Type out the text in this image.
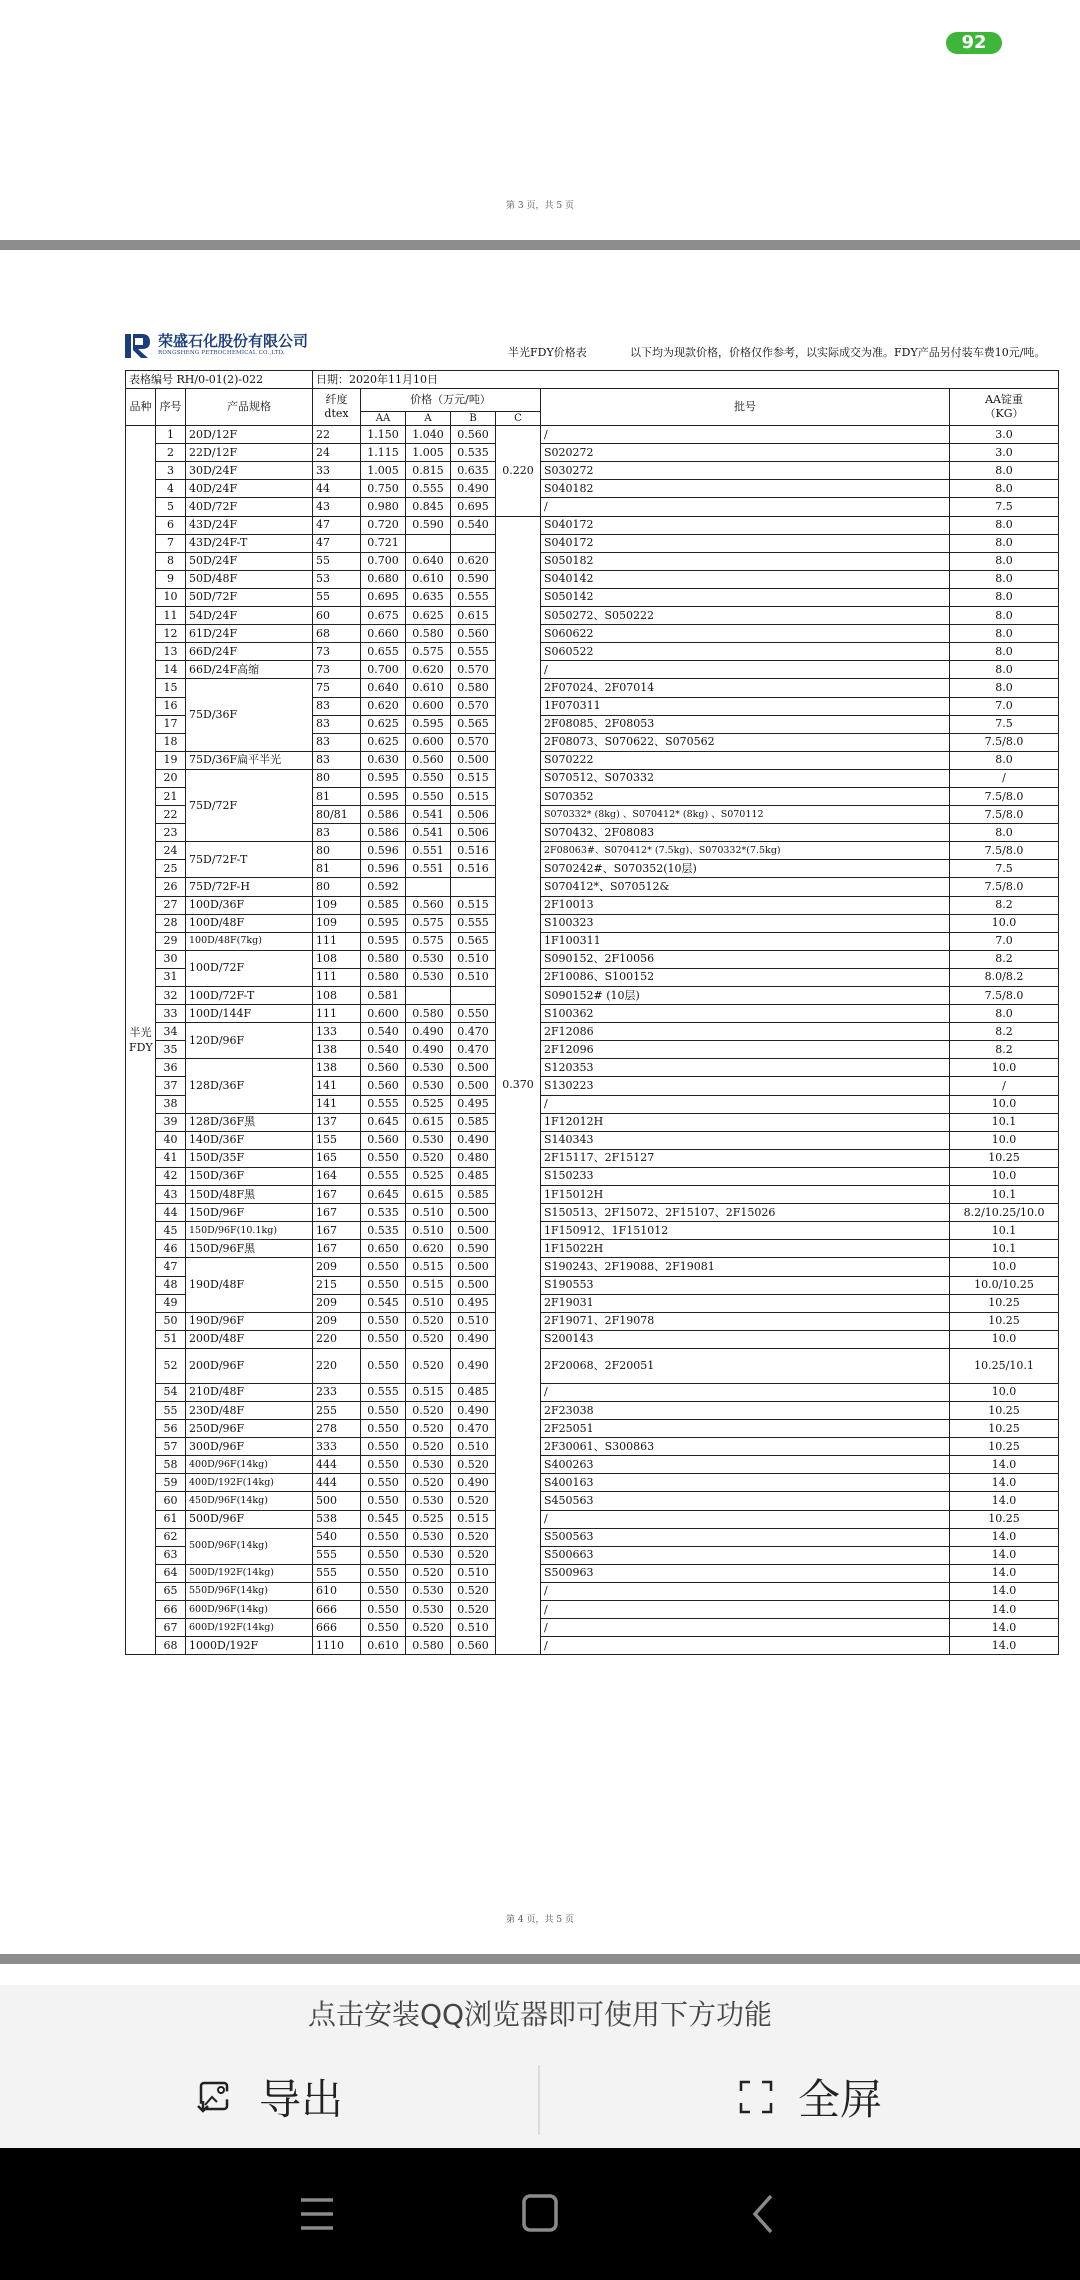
92
第 3 页，共 5 页
荣盛石化股份有限公司
RONGSHENG PETROCHEMICAL CO.,LTD.	半光FDY价格表	以下均为现款价格，价格仅作参考，以实际成交为准。FDY产品另付装车费10元/吨。
表格编号 RH/0-01(2)-022			日期：2020年11月10日						
品种	序号	产品规格	纤度
dtex	价格（万元/吨）				批号	AA锭重
（KG）
				AA	A	B	C		
半光
FDY	1	20D/12F	22	1.150	1.040	0.560	0.220	/	3.0
	2	22D/12F	24	1.115	1.005	0.535		S020272	3.0
	3	30D/24F	33	1.005	0.815	0.635		S030272	8.0
	4	40D/24F	44	0.750	0.555	0.490		S040182	8.0
	5	40D/72F	43	0.980	0.845	0.695		/	7.5
	6	43D/24F	47	0.720	0.590	0.540	0.370	S040172	8.0
	7	43D/24F-T	47	0.721				S040172	8.0
	8	50D/24F	55	0.700	0.640	0.620		S050182	8.0
	9	50D/48F	53	0.680	0.610	0.590		S040142	8.0
	10	50D/72F	55	0.695	0.635	0.555		S050142	8.0
	11	54D/24F	60	0.675	0.625	0.615		S050272、S050222	8.0
	12	61D/24F	68	0.660	0.580	0.560		S060622	8.0
	13	66D/24F	73	0.655	0.575	0.555		S060522	8.0
	14	66D/24F高缩	73	0.700	0.620	0.570		/	8.0
	15	75D/36F	75	0.640	0.610	0.580		2F07024、2F07014	8.0
	16		83	0.620	0.600	0.570		1F070311	7.0
	17		83	0.625	0.595	0.565		2F08085、2F08053	7.5
	18		83	0.625	0.600	0.570		2F08073、S070622、S070562	7.5/8.0
	19	75D/36F扁平半光	83	0.630	0.560	0.500		S070222	8.0
	20	75D/72F	80	0.595	0.550	0.515		S070512、S070332	/
	21		81	0.595	0.550	0.515		S070352	7.5/8.0
	22		80/81	0.586	0.541	0.506		S070332* (8kg) 、S070412* (8kg) 、S070112	7.5/8.0
	23		83	0.586	0.541	0.506		S070432、2F08083	8.0
	24	75D/72F-T	80	0.596	0.551	0.516		2F08063#、S070412* (7.5kg)、S070332*(7.5kg)	7.5/8.0
	25		81	0.596	0.551	0.516		S070242#、S070352(10层)	7.5
	26	75D/72F-H	80	0.592				S070412*、S070512&	7.5/8.0
	27	100D/36F	109	0.585	0.560	0.515		2F10013	8.2
	28	100D/48F	109	0.595	0.575	0.555		S100323	10.0
	29	100D/48F(7kg)	111	0.595	0.575	0.565		1F100311	7.0
	30	100D/72F	108	0.580	0.530	0.510		S090152、2F10056	8.2
	31		111	0.580	0.530	0.510		2F10086、S100152	8.0/8.2
	32	100D/72F-T	108	0.581				S090152# (10层)	7.5/8.0
	33	100D/144F	111	0.600	0.580	0.550		S100362	8.0
	34	120D/96F	133	0.540	0.490	0.470		2F12086	8.2
	35		138	0.540	0.490	0.470		2F12096	8.2
	36	128D/36F	138	0.560	0.530	0.500		S120353	10.0
	37		141	0.560	0.530	0.500		S130223	/
	38		141	0.555	0.525	0.495		/	10.0
	39	128D/36F黑	137	0.645	0.615	0.585		1F12012H	10.1
	40	140D/36F	155	0.560	0.530	0.490		S140343	10.0
	41	150D/35F	165	0.550	0.520	0.480		2F15117、2F15127	10.25
	42	150D/36F	164	0.555	0.525	0.485		S150233	10.0
	43	150D/48F黑	167	0.645	0.615	0.585		1F15012H	10.1
	44	150D/96F	167	0.535	0.510	0.500		S150513、2F15072、2F15107、2F15026	8.2/10.25/10.0
	45	150D/96F(10.1kg)	167	0.535	0.510	0.500		1F150912、1F151012	10.1
	46	150D/96F黑	167	0.650	0.620	0.590		1F15022H	10.1
	47	190D/48F	209	0.550	0.515	0.500		S190243、2F19088、2F19081	10.0
	48		215	0.550	0.515	0.500		S190553	10.0/10.25
	49		209	0.545	0.510	0.495		2F19031	10.25
	50	190D/96F	209	0.550	0.520	0.510		2F19071、2F19078	10.25
	51	200D/48F	220	0.550	0.520	0.490		S200143	10.0
	52	200D/96F	220	0.550	0.520	0.490		2F20068、2F20051	10.25/10.1
	54	210D/48F	233	0.555	0.515	0.485		/	10.0
	55	230D/48F	255	0.550	0.520	0.490		2F23038	10.25
	56	250D/96F	278	0.550	0.520	0.470		2F25051	10.25
	57	300D/96F	333	0.550	0.520	0.510		2F30061、S300863	10.25
	58	400D/96F(14kg)	444	0.550	0.530	0.520		S400263	14.0
	59	400D/192F(14kg)	444	0.550	0.520	0.490		S400163	14.0
	60	450D/96F(14kg)	500	0.550	0.530	0.520		S450563	14.0
	61	500D/96F	538	0.545	0.525	0.515		/	10.25
	62	500D/96F(14kg)	540	0.550	0.530	0.520		S500563	14.0
	63		555	0.550	0.530	0.520		S500663	14.0
	64	500D/192F(14kg)	555	0.550	0.520	0.510		S500963	14.0
	65	550D/96F(14kg)	610	0.550	0.530	0.520		/	14.0
	66	600D/96F(14kg)	666	0.550	0.530	0.520		/	14.0
	67	600D/192F(14kg)	666	0.550	0.520	0.510		/	14.0
	68	1000D/192F	1110	0.610	0.580	0.560		/	14.0
第 4 页，共 5 页
点击安装QQ浏览器即可使用下方功能
导出	全屏
